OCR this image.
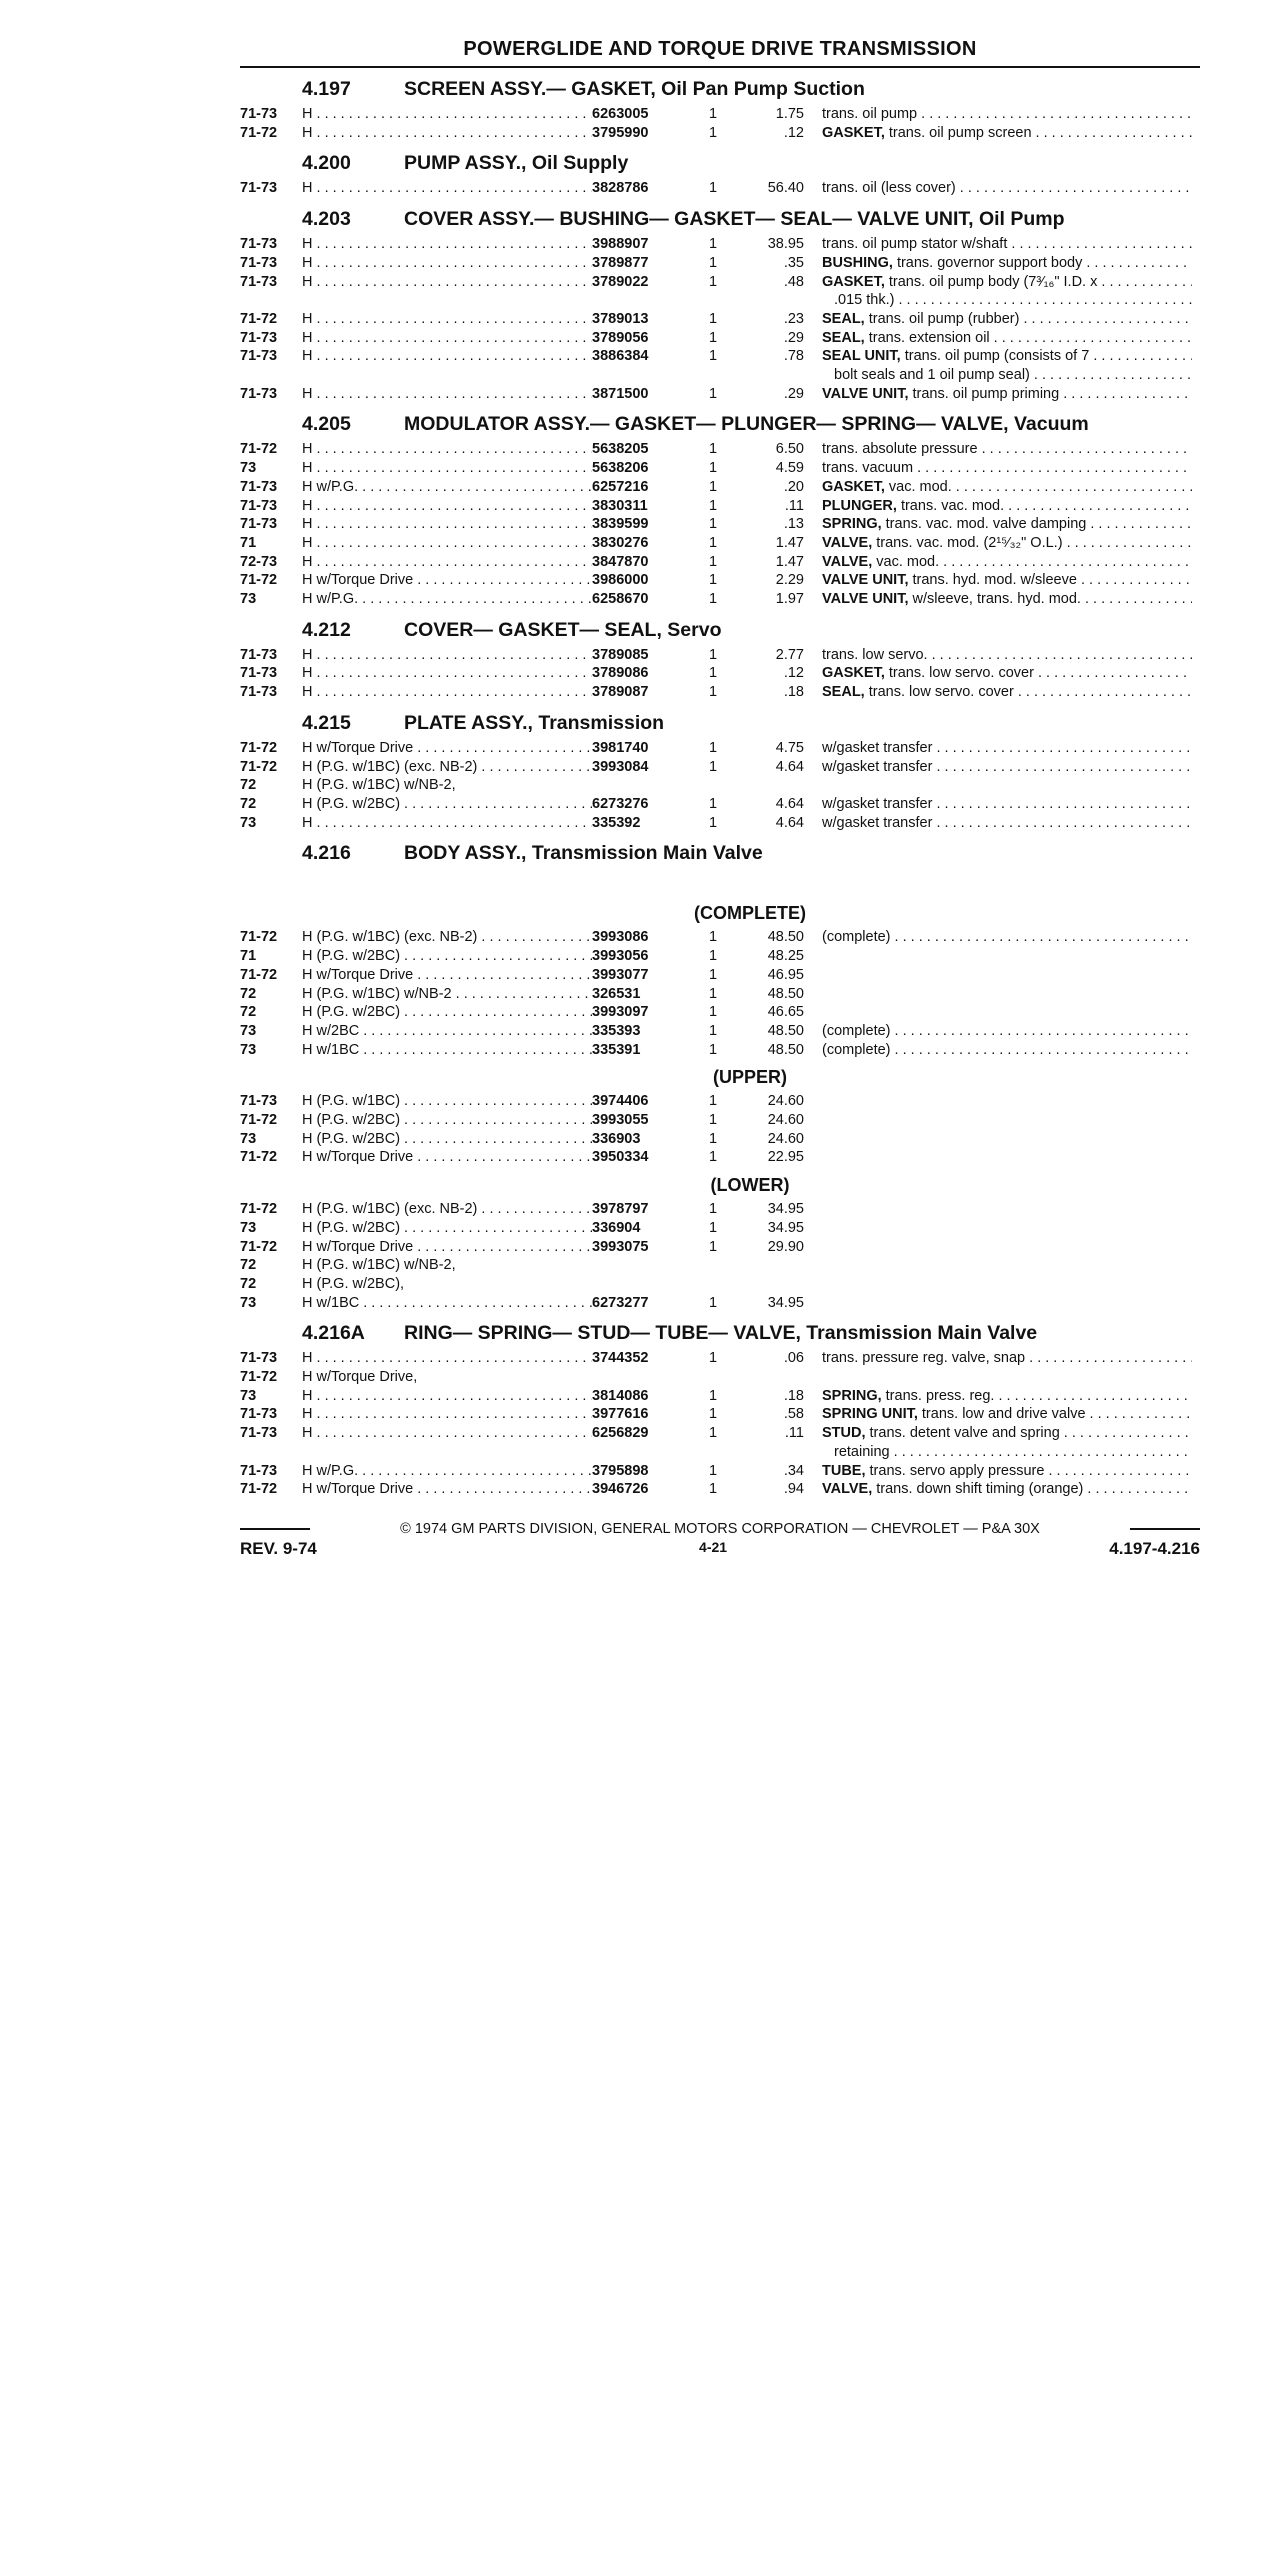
POWERGLIDE AND TORQUE DRIVE TRANSMISSION
4.197	SCREEN ASSY.— GASKET, Oil Pan Pump Suction
71-73	H . . .	6263005	1	1.75	trans. oil pump . . .
71-72	H . . .	3795990	1	.12	GASKET, trans. oil pump screen . . .
4.200	PUMP ASSY., Oil Supply
71-73	H . . .	3828786	1	56.40	trans. oil (less cover) . . .
4.203	COVER ASSY.— BUSHING— GASKET— SEAL— VALVE UNIT, Oil Pump
71-73	H . . .	3988907	1	38.95	trans. oil pump stator w/shaft . . .
71-73	H . . .	3789877	1	.35	BUSHING, trans. governor support body . . .
71-73	H . . .	3789022	1	.48	GASKET, trans. oil pump body (7³⁄₁₆" I.D. x . . .
.015 thk.) . . .
71-72	H . . .	3789013	1	.23	SEAL, trans. oil pump (rubber) . . .
71-73	H . . .	3789056	1	.29	SEAL, trans. extension oil . . .
71-73	H . . .	3886384	1	.78	SEAL UNIT, trans. oil pump (consists of 7 . . .
bolt seals and 1 oil pump seal) . . .
71-73	H . . .	3871500	1	.29	VALVE UNIT, trans. oil pump priming . . .
4.205	MODULATOR ASSY.— GASKET— PLUNGER— SPRING— VALVE, Vacuum
71-72	H . . .	5638205	1	6.50	trans. absolute pressure . . .
73	H . . .	5638206	1	4.59	trans. vacuum . . .
71-73	H w/P.G. . . .	6257216	1	.20	GASKET, vac. mod. . . .
71-73	H . . .	3830311	1	.11	PLUNGER, trans. vac. mod. . . .
71-73	H . . .	3839599	1	.13	SPRING, trans. vac. mod. valve damping . . .
71	H . . .	3830276	1	1.47	VALVE, trans. vac. mod. (2¹⁵⁄₃₂" O.L.) . . .
72-73	H . . .	3847870	1	1.47	VALVE, vac. mod. . . .
71-72	H w/Torque Drive . . .	3986000	1	2.29	VALVE UNIT, trans. hyd. mod. w/sleeve . . .
73	H w/P.G. . . .	6258670	1	1.97	VALVE UNIT, w/sleeve, trans. hyd. mod. . . .
4.212	COVER— GASKET— SEAL, Servo
71-73	H . . .	3789085	1	2.77	trans. low servo. . . .
71-73	H . . .	3789086	1	.12	GASKET, trans. low servo. cover . . .
71-73	H . . .	3789087	1	.18	SEAL, trans. low servo. cover . . .
4.215	PLATE ASSY., Transmission
71-72	H w/Torque Drive . . .	3981740	1	4.75	w/gasket transfer . . .
71-72	H (P.G. w/1BC) (exc. NB-2) . . .	3993084	1	4.64	w/gasket transfer . . .
72	H (P.G. w/1BC) w/NB-2,
72	H (P.G. w/2BC) . . .	6273276	1	4.64	w/gasket transfer . . .
73	H . . .	335392	1	4.64	w/gasket transfer . . .
4.216	BODY ASSY., Transmission Main Valve
(COMPLETE)
71-72	H (P.G. w/1BC) (exc. NB-2) . . .	3993086	1	48.50	(complete) . . .
71	H (P.G. w/2BC) . . .	3993056	1	48.25
71-72	H w/Torque Drive . . .	3993077	1	46.95
72	H (P.G. w/1BC) w/NB-2 . . .	326531	1	48.50
72	H (P.G. w/2BC) . . .	3993097	1	46.65
73	H w/2BC . . .	335393	1	48.50	(complete) . . .
73	H w/1BC . . .	335391	1	48.50	(complete) . . .
(UPPER)
71-73	H (P.G. w/1BC) . . .	3974406	1	24.60
71-72	H (P.G. w/2BC) . . .	3993055	1	24.60
73	H (P.G. w/2BC) . . .	336903	1	24.60
71-72	H w/Torque Drive . . .	3950334	1	22.95
(LOWER)
71-72	H (P.G. w/1BC) (exc. NB-2) . . .	3978797	1	34.95
73	H (P.G. w/2BC) . . .	336904	1	34.95
71-72	H w/Torque Drive . . .	3993075	1	29.90
72	H (P.G. w/1BC) w/NB-2,
72	H (P.G. w/2BC),
73	H w/1BC . . .	6273277	1	34.95
4.216A	RING— SPRING— STUD— TUBE— VALVE, Transmission Main Valve
71-73	H . . .	3744352	1	.06	trans. pressure reg. valve, snap . . .
71-72	H w/Torque Drive,
73	H . . .	3814086	1	.18	SPRING, trans. press. reg. . . .
71-73	H . . .	3977616	1	.58	SPRING UNIT, trans. low and drive valve . . .
71-73	H . . .	6256829	1	.11	STUD, trans. detent valve and spring . . .
retaining . . .
71-73	H w/P.G. . . .	3795898	1	.34	TUBE, trans. servo apply pressure . . .
71-72	H w/Torque Drive . . .	3946726	1	.94	VALVE, trans. down shift timing (orange) . . .
© 1974 GM PARTS DIVISION, GENERAL MOTORS CORPORATION — CHEVROLET — P&A 30X
REV. 9-74	4-21	4.197-4.216
